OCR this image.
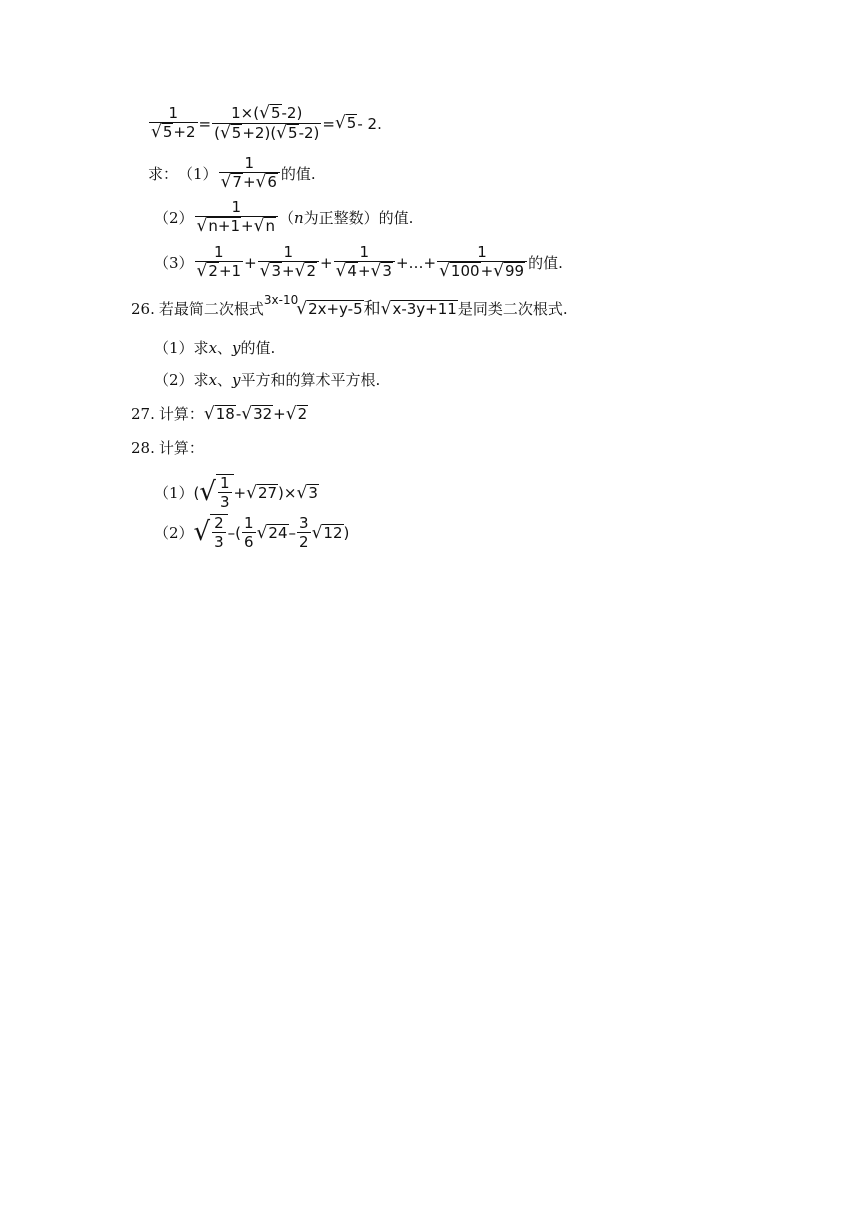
$\frac{1}{√ 5 +2} = \frac{1\times( √ 5 -2)}{( √ 5 +2)( √ 5 -2)}$ = √ 5 - 2.
求： $(1) \frac{1}{√ 7 + √ 6}$ 的值.
$(2) \frac{1}{√ n+1 + √ n}$ （ n 为正整数）的值.
$(3) \frac{1}{√ 2 +1} + \frac{1}{√ 3 + √ 2} + \frac{1}{√ 4 + √ 3}$ +…+ $\frac{1}{√ 100 + √ 99}$ 的值.
26. 若最简二次根式 3x-10
√ 2x+y-5 和 √ x-3y+11 是同类二次根式.
（1） 求 x 、 y 的值.
（2） 求 x 、 y 平方和的算术平方根.
27. 计算： √ 18 - √ 32 + √ 2
28. 计算：
（1） ( √ $\frac{1}{3}$ + √ 27 )× √ 3
（2） √ $\frac{2}{3}$ –( $\frac{1}{6}$ √ $24 - \frac{3}{2}$ √ 12 )
